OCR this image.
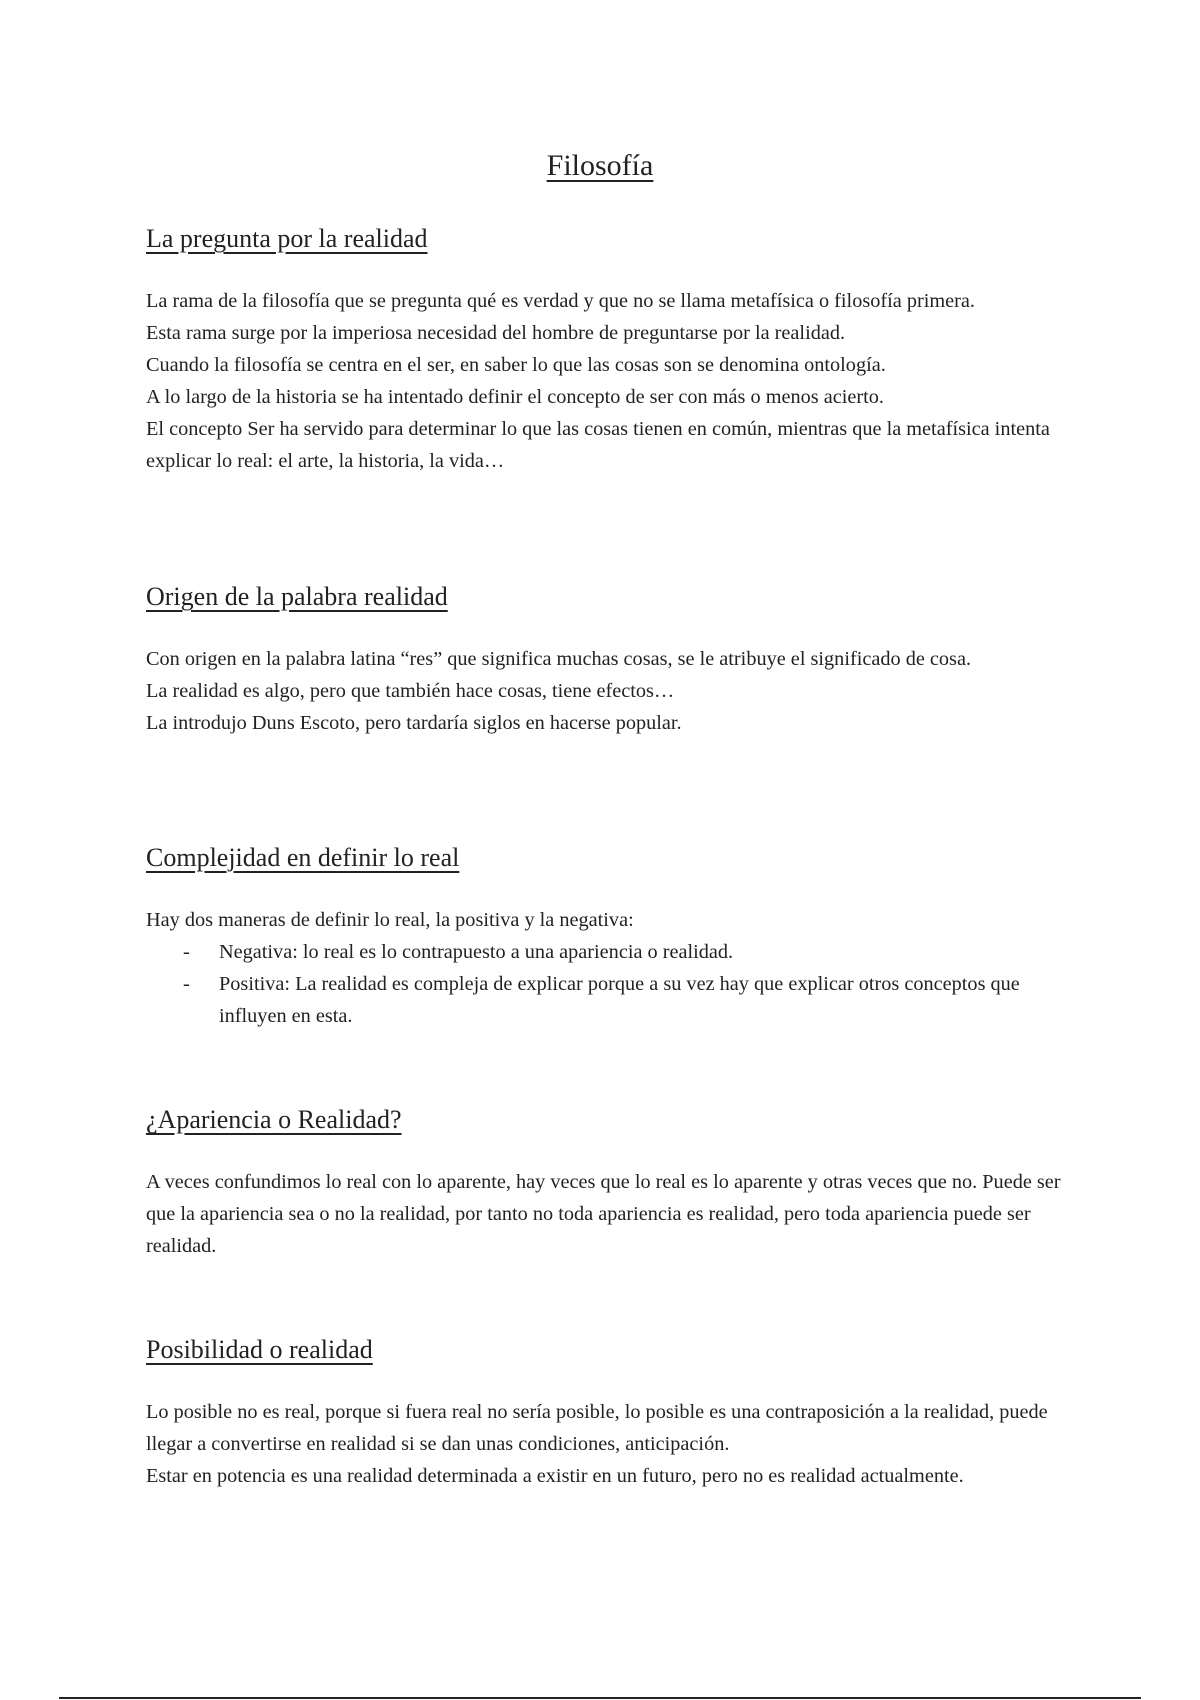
Filosofía
La pregunta por la realidad

La rama de la filosofía que se pregunta qué es verdad y que no se llama metafísica o filosofía primera.

Esta rama surge por la imperiosa necesidad del hombre de preguntarse por la realidad.

Cuando la filosofía se centra en el ser, en saber lo que las cosas son se denomina ontología.

A lo largo de la historia se ha intentado definir el concepto de ser con más o menos acierto.

El concepto Ser ha servido para determinar lo que las cosas tienen en común, mientras que la metafísica intenta explicar lo real: el arte, la historia, la vida…

Origen de la palabra realidad

Con origen en la palabra latina “res” que significa muchas cosas, se le atribuye el significado de cosa.

La realidad es algo, pero que también hace cosas, tiene efectos…

La introdujo Duns Escoto, pero tardaría siglos en hacerse popular.

Complejidad en definir lo real

Hay dos maneras de definir lo real, la positiva y la negativa:

- Negativa: lo real es lo contrapuesto a una apariencia o realidad.
- Positiva: La realidad es compleja de explicar porque a su vez hay que explicar otros conceptos que influyen en esta.
¿Apariencia o Realidad?

A veces confundimos lo real con lo aparente, hay veces que lo real es lo aparente y otras veces que no. Puede ser que la apariencia sea o no la realidad, por tanto no toda apariencia es realidad, pero toda apariencia puede ser realidad.

Posibilidad o realidad

Lo posible no es real, porque si fuera real no sería posible, lo posible es una contraposición a la realidad, puede llegar a convertirse en realidad si se dan unas condiciones, anticipación.

Estar en potencia es una realidad determinada a existir en un futuro, pero no es realidad actualmente.
